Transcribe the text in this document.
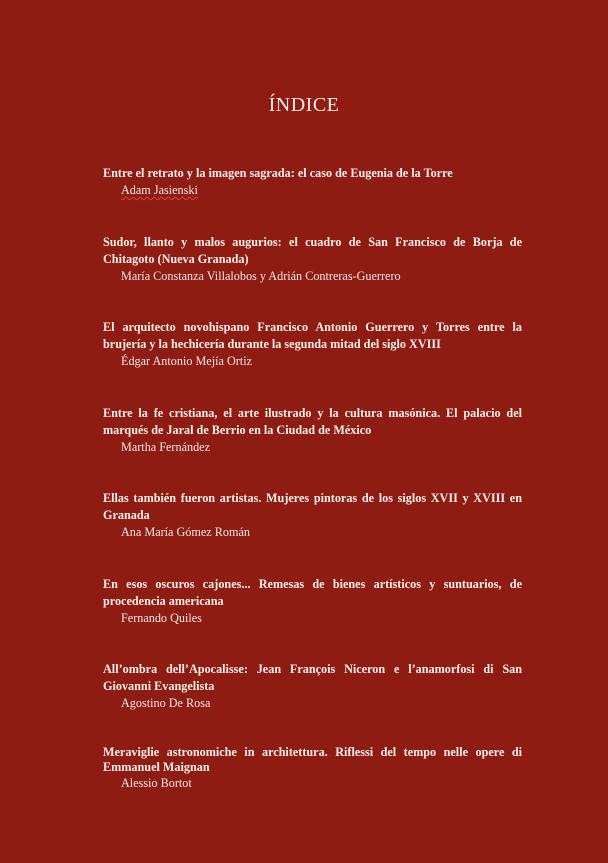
ÍNDICE
Entre el retrato y la imagen sagrada: el caso de Eugenia de la Torre
Adam Jasienski
Sudor, llanto y malos augurios: el cuadro de San Francisco de Borja de Chitagoto (Nueva Granada)
María Constanza Villalobos y Adrián Contreras-Guerrero
El arquitecto novohispano Francisco Antonio Guerrero y Torres entre la brujería y la hechicería durante la segunda mitad del siglo XVIII
Édgar Antonio Mejía Ortiz
Entre la fe cristiana, el arte ilustrado y la cultura masónica. El palacio del marqués de Jaral de Berrio en la Ciudad de México
Martha Fernández
Ellas también fueron artistas. Mujeres pintoras de los siglos XVII y XVIII en Granada
Ana María Gómez Román
En esos oscuros cajones... Remesas de bienes artísticos y suntuarios, de procedencia americana
Fernando Quiles
All’ombra dell’Apocalisse: Jean François Niceron e l’anamorfosi di San Giovanni Evangelista
Agostino De Rosa
Meraviglie astronomiche in architettura. Riflessi del tempo nelle opere di Emmanuel Maignan
Alessio Bortot
